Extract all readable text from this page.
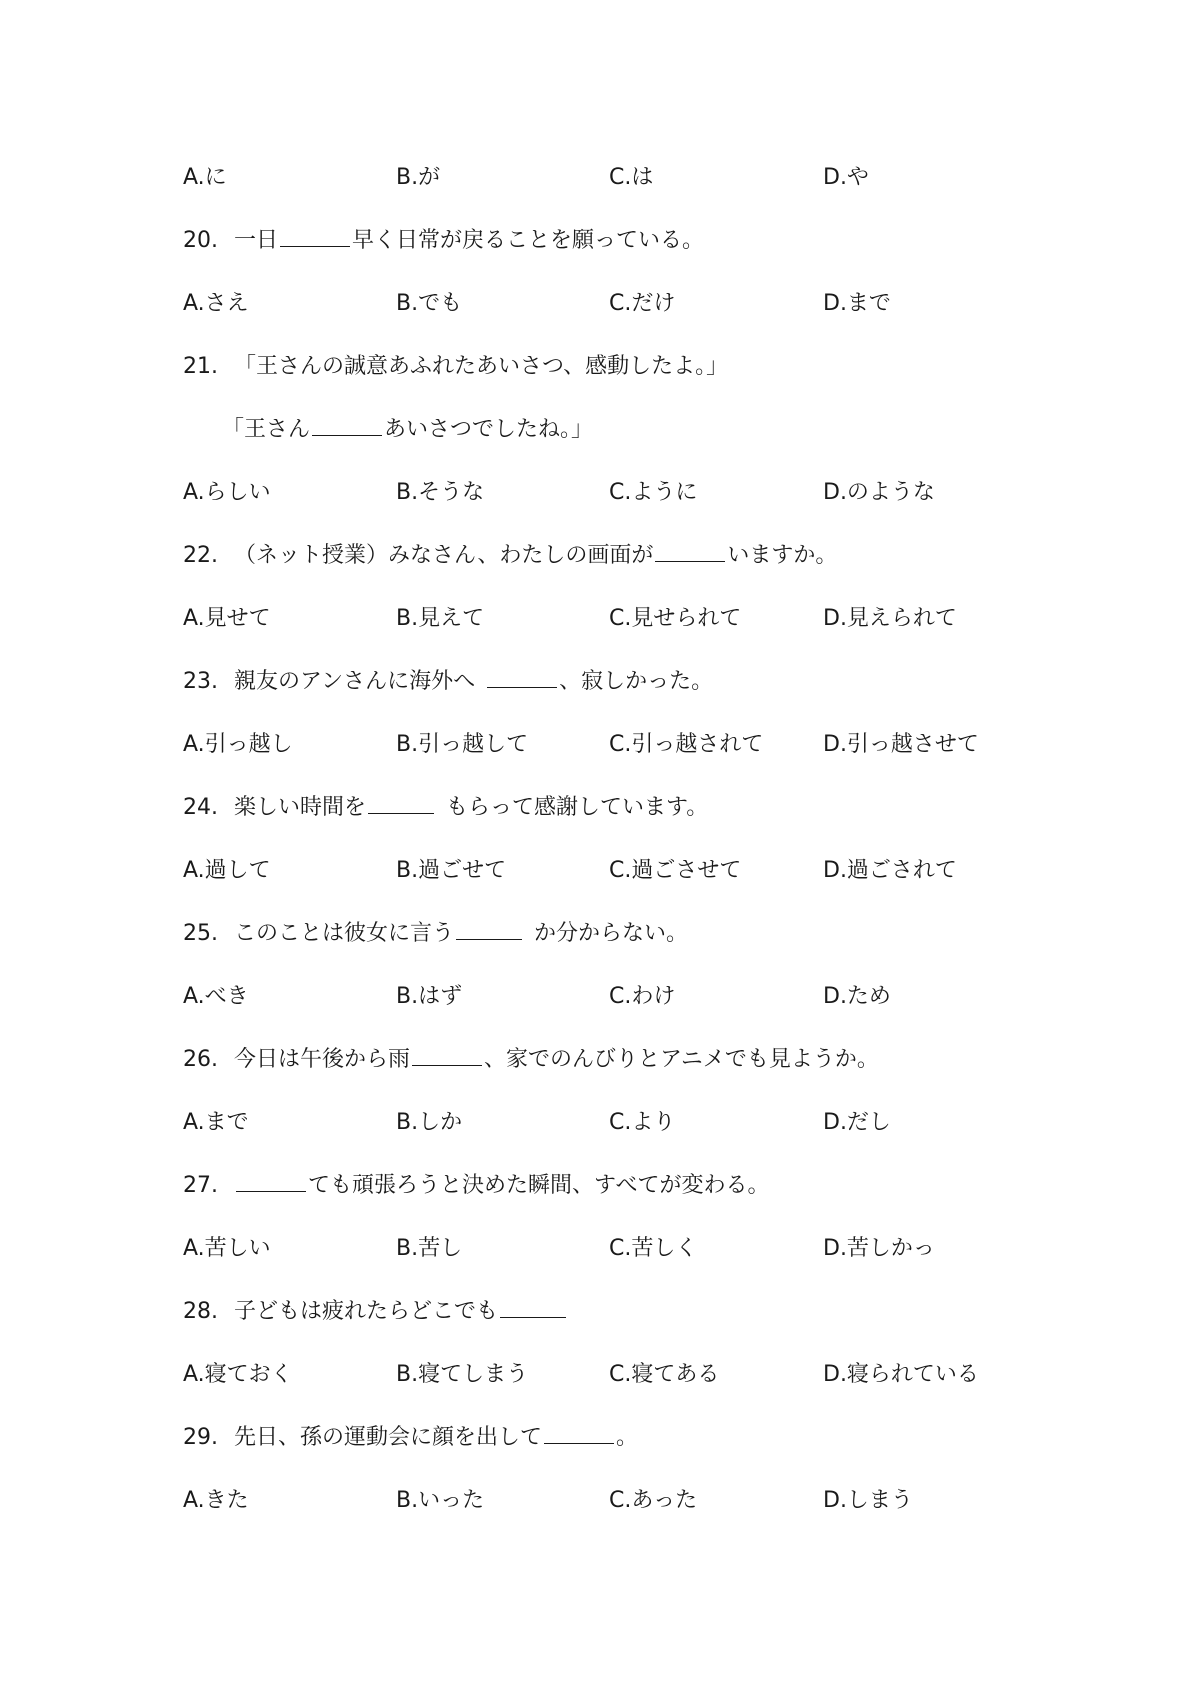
A.に	B.が	C.は	D.や
20. 一日	早く日常が戻ることを願っている。
A.さえ	B.でも	C.だけ	D.まで
21. 「王さんの誠意あふれたあいさつ、感動したよ。」
「王さん	あいさつでしたね。」
A.らしい	B.そうな	C.ように	D.のような
22. （ネット授業）みなさん、わたしの画面が	いますか。
A.見せて	B.見えて	C.見せられて	D.見えられて
23. 親友のアンさんに海外へ	、寂しかった。
A.引っ越し	B.引っ越して	C.引っ越されて	D.引っ越させて
24. 楽しい時間を	もらって感謝しています。
A.過して	B.過ごせて	C.過ごさせて	D.過ごされて
25. このことは彼女に言う	か分からない。
A.べき	B.はず	C.わけ	D.ため
26. 今日は午後から雨	、家でのんびりとアニメでも見ようか。
A.まで	B.しか	C.より	D.だし
27.	ても頑張ろうと決めた瞬間、すべてが変わる。
A.苦しい	B.苦し	C.苦しく	D.苦しかっ
28. 子どもは疲れたらどこでも
A.寝ておく	B.寝てしまう	C.寝てある	D.寝られている
29. 先日、孫の運動会に顔を出して	。
A.きた	B.いった	C.あった	D.しまう
